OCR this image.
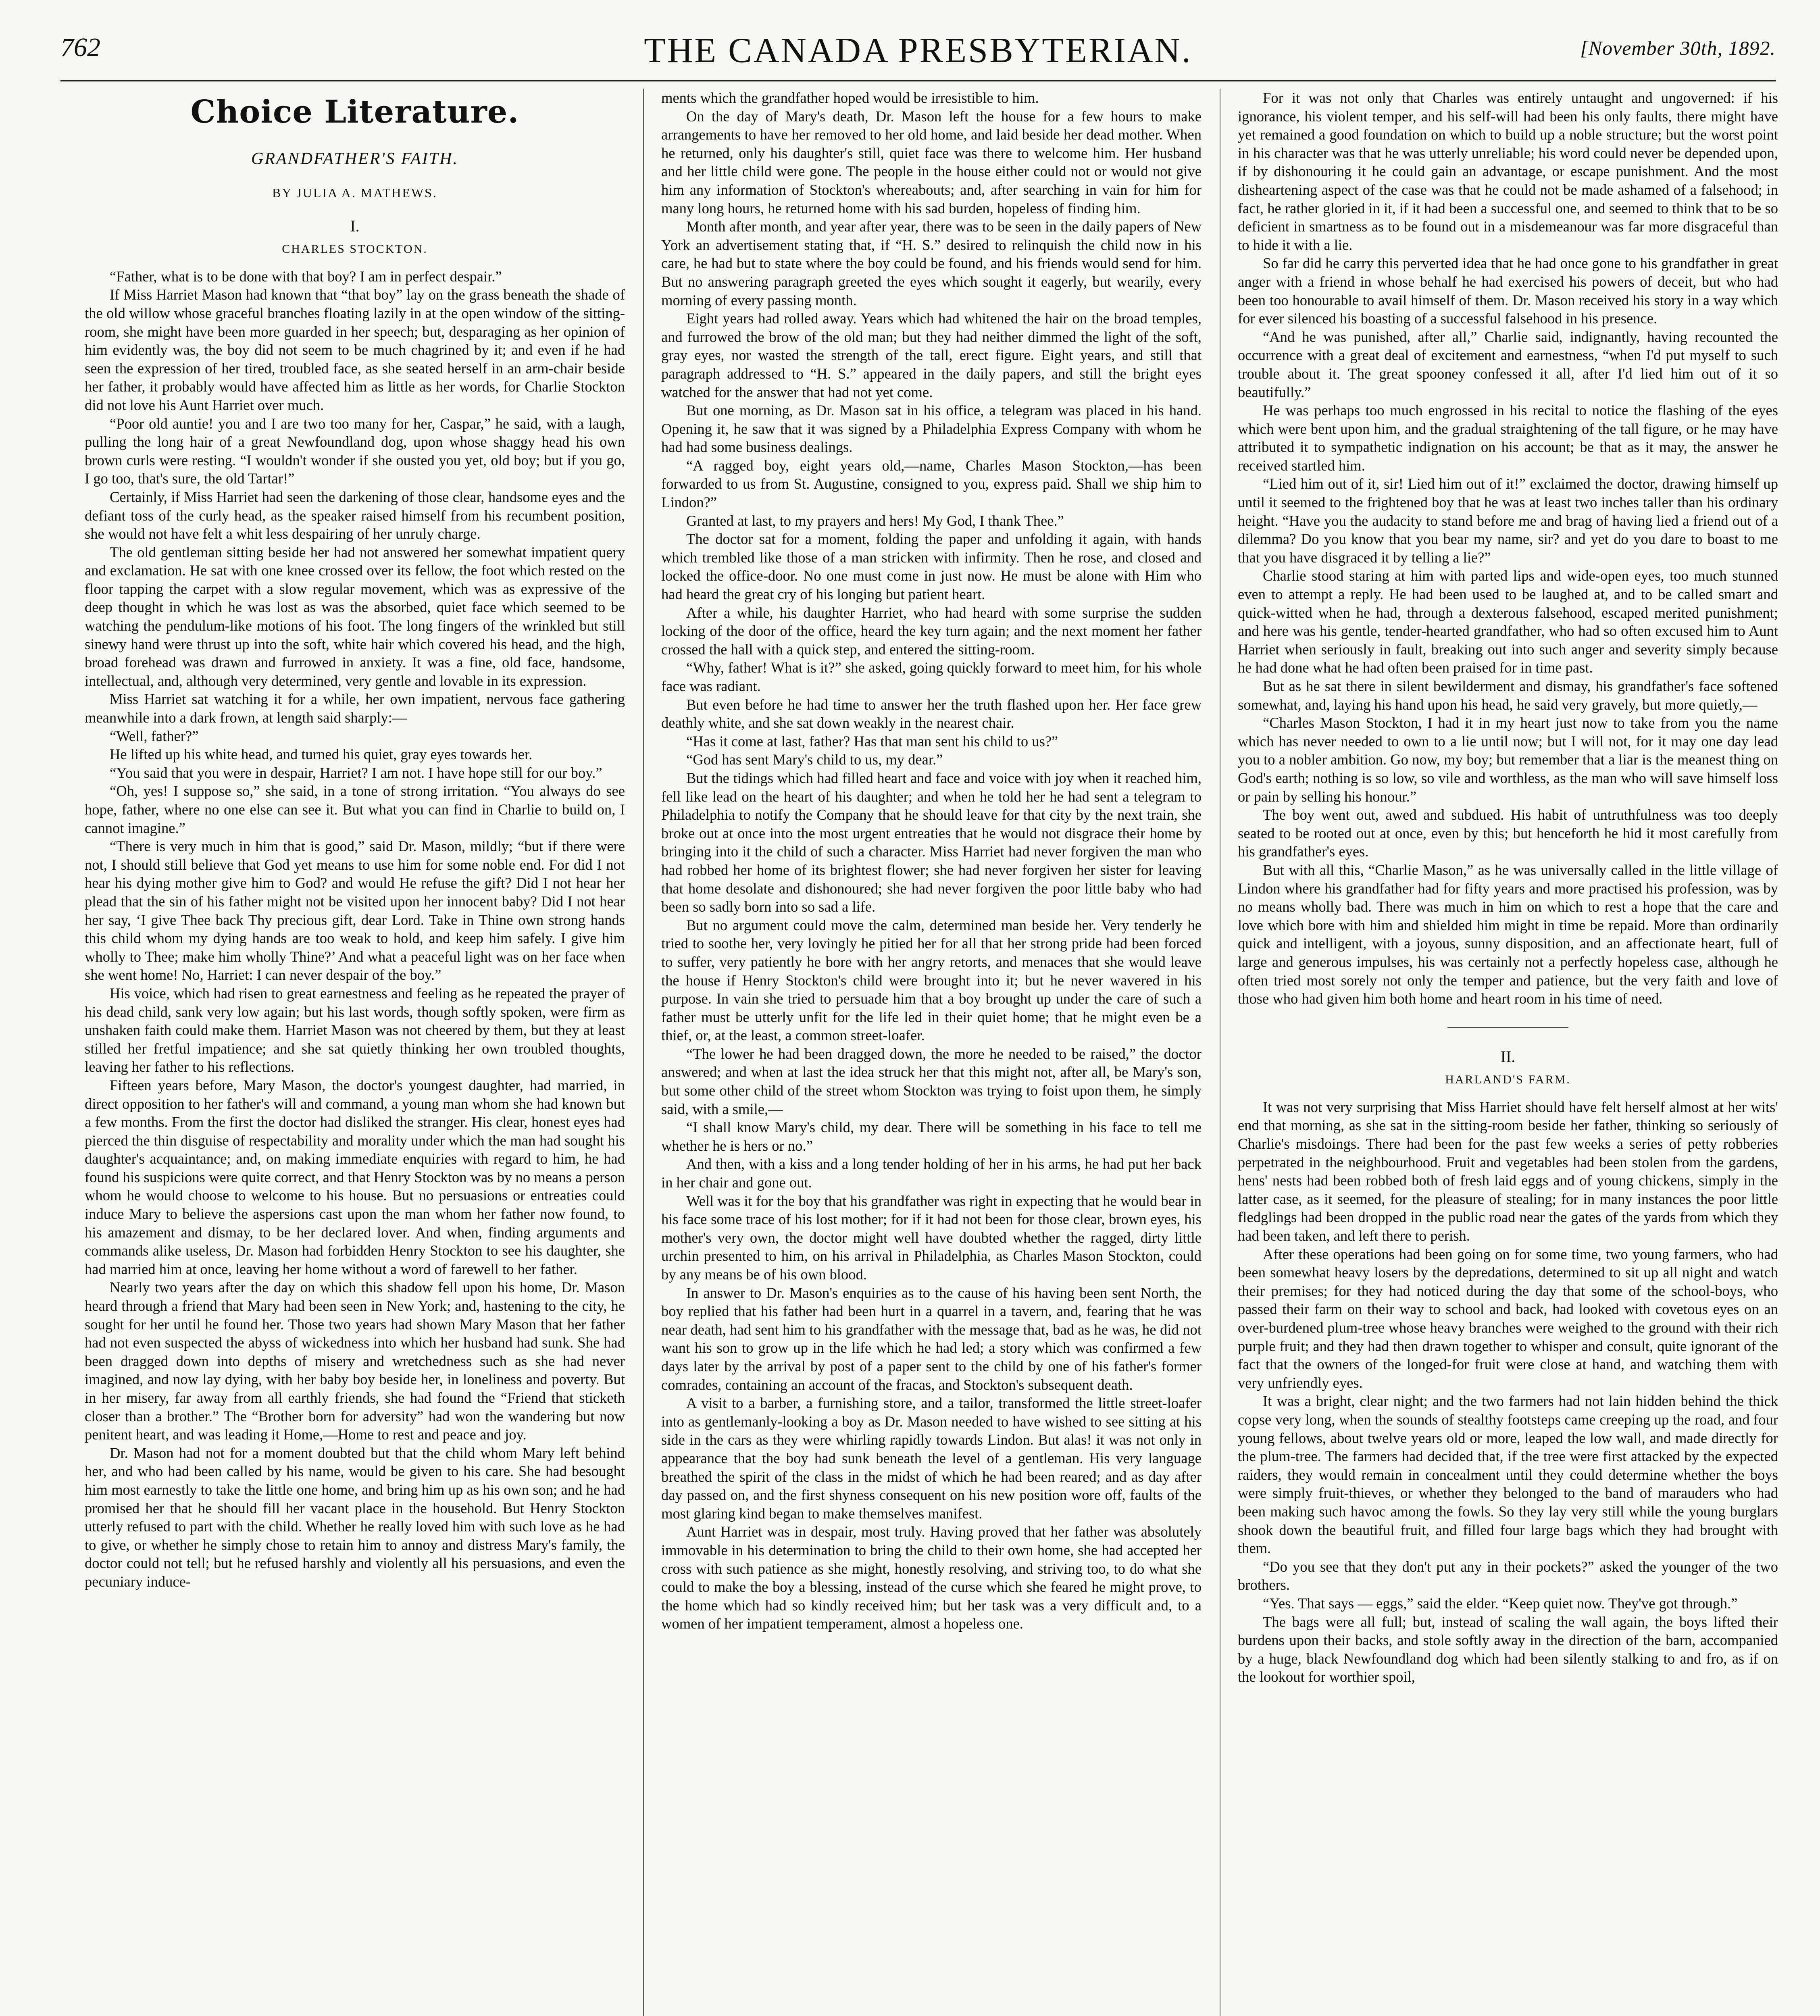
762	THE CANADA PRESBYTERIAN.	[November 30th, 1892.
Choice Literature.
GRANDFATHER'S FAITH.
BY JULIA A. MATHEWS.
I.
CHARLES STOCKTON.

“Father, what is to be done with that boy? I am in perfect despair.”

If Miss Harriet Mason had known that “that boy” lay on the grass beneath the shade of the old willow whose graceful branches floating lazily in at the open window of the sitting-room, she might have been more guarded in her speech; but, desparaging as her opinion of him evidently was, the boy did not seem to be much chagrined by it; and even if he had seen the expression of her tired, troubled face, as she seated herself in an arm-chair beside her father, it probably would have affected him as little as her words, for Charlie Stockton did not love his Aunt Harriet over much.

“Poor old auntie! you and I are two too many for her, Caspar,” he said, with a laugh, pulling the long hair of a great Newfoundland dog, upon whose shaggy head his own brown curls were resting. “I wouldn't wonder if she ousted you yet, old boy; but if you go, I go too, that's sure, the old Tartar!”

Certainly, if Miss Harriet had seen the darkening of those clear, handsome eyes and the defiant toss of the curly head, as the speaker raised himself from his recumbent position, she would not have felt a whit less despairing of her unruly charge.

The old gentleman sitting beside her had not answered her somewhat impatient query and exclamation. He sat with one knee crossed over its fellow, the foot which rested on the floor tapping the carpet with a slow regular movement, which was as expressive of the deep thought in which he was lost as was the absorbed, quiet face which seemed to be watching the pendulum-like motions of his foot. The long fingers of the wrinkled but still sinewy hand were thrust up into the soft, white hair which covered his head, and the high, broad forehead was drawn and furrowed in anxiety. It was a fine, old face, handsome, intellectual, and, although very determined, very gentle and lovable in its expression.

Miss Harriet sat watching it for a while, her own impatient, nervous face gathering meanwhile into a dark frown, at length said sharply:—

“Well, father?”

He lifted up his white head, and turned his quiet, gray eyes towards her.

“You said that you were in despair, Harriet? I am not. I have hope still for our boy.”

“Oh, yes! I suppose so,” she said, in a tone of strong irritation. “You always do see hope, father, where no one else can see it. But what you can find in Charlie to build on, I cannot imagine.”

“There is very much in him that is good,” said Dr. Mason, mildly; “but if there were not, I should still believe that God yet means to use him for some noble end. For did I not hear his dying mother give him to God? and would He refuse the gift? Did I not hear her plead that the sin of his father might not be visited upon her innocent baby? Did I not hear her say, ‘I give Thee back Thy precious gift, dear Lord. Take in Thine own strong hands this child whom my dying hands are too weak to hold, and keep him safely. I give him wholly to Thee; make him wholly Thine?’ And what a peaceful light was on her face when she went home! No, Harriet: I can never despair of the boy.”

His voice, which had risen to great earnestness and feeling as he repeated the prayer of his dead child, sank very low again; but his last words, though softly spoken, were firm as unshaken faith could make them. Harriet Mason was not cheered by them, but they at least stilled her fretful impatience; and she sat quietly thinking her own troubled thoughts, leaving her father to his reflections.

Fifteen years before, Mary Mason, the doctor's youngest daughter, had married, in direct opposition to her father's will and command, a young man whom she had known but a few months. From the first the doctor had disliked the stranger. His clear, honest eyes had pierced the thin disguise of respectability and morality under which the man had sought his daughter's acquaintance; and, on making immediate enquiries with regard to him, he had found his suspicions were quite correct, and that Henry Stockton was by no means a person whom he would choose to welcome to his house. But no persuasions or entreaties could induce Mary to believe the aspersions cast upon the man whom her father now found, to his amazement and dismay, to be her declared lover. And when, finding arguments and commands alike useless, Dr. Mason had forbidden Henry Stockton to see his daughter, she had married him at once, leaving her home without a word of farewell to her father.

Nearly two years after the day on which this shadow fell upon his home, Dr. Mason heard through a friend that Mary had been seen in New York; and, hastening to the city, he sought for her until he found her. Those two years had shown Mary Mason that her father had not even suspected the abyss of wickedness into which her husband had sunk. She had been dragged down into depths of misery and wretchedness such as she had never imagined, and now lay dying, with her baby boy beside her, in loneliness and poverty. But in her misery, far away from all earthly friends, she had found the “Friend that sticketh closer than a brother.” The “Brother born for adversity” had won the wandering but now penitent heart, and was leading it Home,—Home to rest and peace and joy.

Dr. Mason had not for a moment doubted but that the child whom Mary left behind her, and who had been called by his name, would be given to his care. She had besought him most earnestly to take the little one home, and bring him up as his own son; and he had promised her that he should fill her vacant place in the household. But Henry Stockton utterly refused to part with the child. Whether he really loved him with such love as he had to give, or whether he simply chose to retain him to annoy and distress Mary's family, the doctor could not tell; but he refused harshly and violently all his persuasions, and even the pecuniary induce-

ments which the grandfather hoped would be irresistible to him.

On the day of Mary's death, Dr. Mason left the house for a few hours to make arrangements to have her removed to her old home, and laid beside her dead mother. When he returned, only his daughter's still, quiet face was there to welcome him. Her husband and her little child were gone. The people in the house either could not or would not give him any information of Stockton's whereabouts; and, after searching in vain for him for many long hours, he returned home with his sad burden, hopeless of finding him.

Month after month, and year after year, there was to be seen in the daily papers of New York an advertisement stating that, if “H. S.” desired to relinquish the child now in his care, he had but to state where the boy could be found, and his friends would send for him. But no answering paragraph greeted the eyes which sought it eagerly, but wearily, every morning of every passing month.

Eight years had rolled away. Years which had whitened the hair on the broad temples, and furrowed the brow of the old man; but they had neither dimmed the light of the soft, gray eyes, nor wasted the strength of the tall, erect figure. Eight years, and still that paragraph addressed to “H. S.” appeared in the daily papers, and still the bright eyes watched for the answer that had not yet come.

But one morning, as Dr. Mason sat in his office, a telegram was placed in his hand. Opening it, he saw that it was signed by a Philadelphia Express Company with whom he had had some business dealings.

“A ragged boy, eight years old,—name, Charles Mason Stockton,—has been forwarded to us from St. Augustine, consigned to you, express paid. Shall we ship him to Lindon?”

Granted at last, to my prayers and hers! My God, I thank Thee.”

The doctor sat for a moment, folding the paper and unfolding it again, with hands which trembled like those of a man stricken with infirmity. Then he rose, and closed and locked the office-door. No one must come in just now. He must be alone with Him who had heard the great cry of his longing but patient heart.

After a while, his daughter Harriet, who had heard with some surprise the sudden locking of the door of the office, heard the key turn again; and the next moment her father crossed the hall with a quick step, and entered the sitting-room.

“Why, father! What is it?” she asked, going quickly forward to meet him, for his whole face was radiant.

But even before he had time to answer her the truth flashed upon her. Her face grew deathly white, and she sat down weakly in the nearest chair.

“Has it come at last, father? Has that man sent his child to us?”

“God has sent Mary's child to us, my dear.”

But the tidings which had filled heart and face and voice with joy when it reached him, fell like lead on the heart of his daughter; and when he told her he had sent a telegram to Philadelphia to notify the Company that he should leave for that city by the next train, she broke out at once into the most urgent entreaties that he would not disgrace their home by bringing into it the child of such a character. Miss Harriet had never forgiven the man who had robbed her home of its brightest flower; she had never forgiven her sister for leaving that home desolate and dishonoured; she had never forgiven the poor little baby who had been so sadly born into so sad a life.

But no argument could move the calm, determined man beside her. Very tenderly he tried to soothe her, very lovingly he pitied her for all that her strong pride had been forced to suffer, very patiently he bore with her angry retorts, and menaces that she would leave the house if Henry Stockton's child were brought into it; but he never wavered in his purpose. In vain she tried to persuade him that a boy brought up under the care of such a father must be utterly unfit for the life led in their quiet home; that he might even be a thief, or, at the least, a common street-loafer.

“The lower he had been dragged down, the more he needed to be raised,” the doctor answered; and when at last the idea struck her that this might not, after all, be Mary's son, but some other child of the street whom Stockton was trying to foist upon them, he simply said, with a smile,—

“I shall know Mary's child, my dear. There will be something in his face to tell me whether he is hers or no.”

And then, with a kiss and a long tender holding of her in his arms, he had put her back in her chair and gone out.

Well was it for the boy that his grandfather was right in expecting that he would bear in his face some trace of his lost mother; for if it had not been for those clear, brown eyes, his mother's very own, the doctor might well have doubted whether the ragged, dirty little urchin presented to him, on his arrival in Philadelphia, as Charles Mason Stockton, could by any means be of his own blood.

In answer to Dr. Mason's enquiries as to the cause of his having been sent North, the boy replied that his father had been hurt in a quarrel in a tavern, and, fearing that he was near death, had sent him to his grandfather with the message that, bad as he was, he did not want his son to grow up in the life which he had led; a story which was confirmed a few days later by the arrival by post of a paper sent to the child by one of his father's former comrades, containing an account of the fracas, and Stockton's subsequent death.

A visit to a barber, a furnishing store, and a tailor, transformed the little street-loafer into as gentlemanly-looking a boy as Dr. Mason needed to have wished to see sitting at his side in the cars as they were whirling rapidly towards Lindon. But alas! it was not only in appearance that the boy had sunk beneath the level of a gentleman. His very language breathed the spirit of the class in the midst of which he had been reared; and as day after day passed on, and the first shyness consequent on his new position wore off, faults of the most glaring kind began to make themselves manifest.

Aunt Harriet was in despair, most truly. Having proved that her father was absolutely immovable in his determination to bring the child to their own home, she had accepted her cross with such patience as she might, honestly resolving, and striving too, to do what she could to make the boy a blessing, instead of the curse which she feared he might prove, to the home which had so kindly received him; but her task was a very difficult and, to a women of her impatient temperament, almost a hopeless one.

For it was not only that Charles was entirely untaught and ungoverned: if his ignorance, his violent temper, and his self-will had been his only faults, there might have yet remained a good foundation on which to build up a noble structure; but the worst point in his character was that he was utterly unreliable; his word could never be depended upon, if by dishonouring it he could gain an advantage, or escape punishment. And the most disheartening aspect of the case was that he could not be made ashamed of a falsehood; in fact, he rather gloried in it, if it had been a successful one, and seemed to think that to be so deficient in smartness as to be found out in a misdemeanour was far more disgraceful than to hide it with a lie.

So far did he carry this perverted idea that he had once gone to his grandfather in great anger with a friend in whose behalf he had exercised his powers of deceit, but who had been too honourable to avail himself of them. Dr. Mason received his story in a way which for ever silenced his boasting of a successful falsehood in his presence.

“And he was punished, after all,” Charlie said, indignantly, having recounted the occurrence with a great deal of excitement and earnestness, “when I'd put myself to such trouble about it. The great spooney confessed it all, after I'd lied him out of it so beautifully.”

He was perhaps too much engrossed in his recital to notice the flashing of the eyes which were bent upon him, and the gradual straightening of the tall figure, or he may have attributed it to sympathetic indignation on his account; be that as it may, the answer he received startled him.

“Lied him out of it, sir! Lied him out of it!” exclaimed the doctor, drawing himself up until it seemed to the frightened boy that he was at least two inches taller than his ordinary height. “Have you the audacity to stand before me and brag of having lied a friend out of a dilemma? Do you know that you bear my name, sir? and yet do you dare to boast to me that you have disgraced it by telling a lie?”

Charlie stood staring at him with parted lips and wide-open eyes, too much stunned even to attempt a reply. He had been used to be laughed at, and to be called smart and quick-witted when he had, through a dexterous falsehood, escaped merited punishment; and here was his gentle, tender-hearted grandfather, who had so often excused him to Aunt Harriet when seriously in fault, breaking out into such anger and severity simply because he had done what he had often been praised for in time past.

But as he sat there in silent bewilderment and dismay, his grandfather's face softened somewhat, and, laying his hand upon his head, he said very gravely, but more quietly,—

“Charles Mason Stockton, I had it in my heart just now to take from you the name which has never needed to own to a lie until now; but I will not, for it may one day lead you to a nobler ambition. Go now, my boy; but remember that a liar is the meanest thing on God's earth; nothing is so low, so vile and worthless, as the man who will save himself loss or pain by selling his honour.”

The boy went out, awed and subdued. His habit of untruthfulness was too deeply seated to be rooted out at once, even by this; but henceforth he hid it most carefully from his grandfather's eyes.

But with all this, “Charlie Mason,” as he was universally called in the little village of Lindon where his grandfather had for fifty years and more practised his profession, was by no means wholly bad. There was much in him on which to rest a hope that the care and love which bore with him and shielded him might in time be repaid. More than ordinarily quick and intelligent, with a joyous, sunny disposition, and an affectionate heart, full of large and generous impulses, his was certainly not a perfectly hopeless case, although he often tried most sorely not only the temper and patience, but the very faith and love of those who had given him both home and heart room in his time of need.

II.
HARLAND'S FARM.

It was not very surprising that Miss Harriet should have felt herself almost at her wits' end that morning, as she sat in the sitting-room beside her father, thinking so seriously of Charlie's misdoings. There had been for the past few weeks a series of petty robberies perpetrated in the neighbourhood. Fruit and vegetables had been stolen from the gardens, hens' nests had been robbed both of fresh laid eggs and of young chickens, simply in the latter case, as it seemed, for the pleasure of stealing; for in many instances the poor little fledglings had been dropped in the public road near the gates of the yards from which they had been taken, and left there to perish.

After these operations had been going on for some time, two young farmers, who had been somewhat heavy losers by the depredations, determined to sit up all night and watch their premises; for they had noticed during the day that some of the school-boys, who passed their farm on their way to school and back, had looked with covetous eyes on an over-burdened plum-tree whose heavy branches were weighed to the ground with their rich purple fruit; and they had then drawn together to whisper and consult, quite ignorant of the fact that the owners of the longed-for fruit were close at hand, and watching them with very unfriendly eyes.

It was a bright, clear night; and the two farmers had not lain hidden behind the thick copse very long, when the sounds of stealthy footsteps came creeping up the road, and four young fellows, about twelve years old or more, leaped the low wall, and made directly for the plum-tree. The farmers had decided that, if the tree were first attacked by the expected raiders, they would remain in concealment until they could determine whether the boys were simply fruit-thieves, or whether they belonged to the band of marauders who had been making such havoc among the fowls. So they lay very still while the young burglars shook down the beautiful fruit, and filled four large bags which they had brought with them.

“Do you see that they don't put any in their pockets?” asked the younger of the two brothers.

“Yes. That says — eggs,” said the elder. “Keep quiet now. They've got through.”

The bags were all full; but, instead of scaling the wall again, the boys lifted their burdens upon their backs, and stole softly away in the direction of the barn, accompanied by a huge, black Newfoundland dog which had been silently stalking to and fro, as if on the lookout for worthier spoil,
